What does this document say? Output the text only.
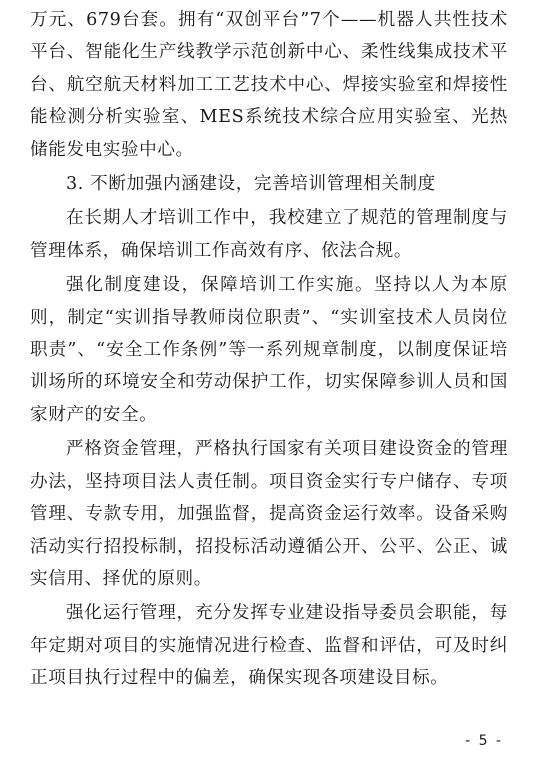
万元、679台套。拥有“双创平台”7个——机器人共性技术平台、智能化生产线教学示范创新中心、柔性线集成技术平台、航空航天材料加工工艺技术中心、焊接实验室和焊接性能检测分析实验室、MES系统技术综合应用实验室、光热储能发电实验中心。

3. 不断加强内涵建设，完善培训管理相关制度

在长期人才培训工作中，我校建立了规范的管理制度与管理体系，确保培训工作高效有序、依法合规。

强化制度建设，保障培训工作实施。坚持以人为本原则，制定“实训指导教师岗位职责”、“实训室技术人员岗位职责”、“安全工作条例”等一系列规章制度，以制度保证培训场所的环境安全和劳动保护工作，切实保障参训人员和国家财产的安全。

严格资金管理，严格执行国家有关项目建设资金的管理办法，坚持项目法人责任制。项目资金实行专户储存、专项管理、专款专用，加强监督，提高资金运行效率。设备采购活动实行招投标制，招投标活动遵循公开、公平、公正、诚实信用、择优的原则。

强化运行管理，充分发挥专业建设指导委员会职能，每年定期对项目的实施情况进行检查、监督和评估，可及时纠正项目执行过程中的偏差，确保实现各项建设目标。

- 5 -
